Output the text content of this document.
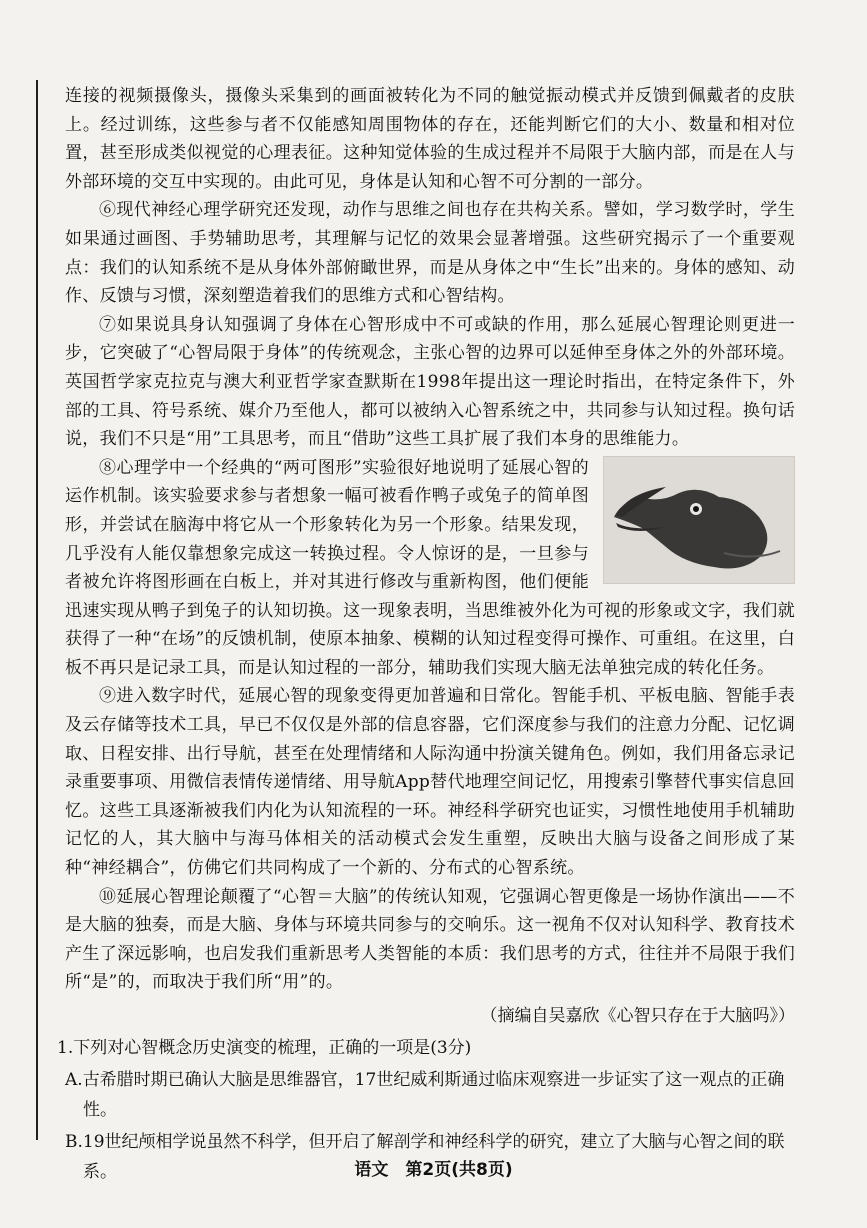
连接的视频摄像头，摄像头采集到的画面被转化为不同的触觉振动模式并反馈到佩戴者的皮肤上。经过训练，这些参与者不仅能感知周围物体的存在，还能判断它们的大小、数量和相对位置，甚至形成类似视觉的心理表征。这种知觉体验的生成过程并不局限于大脑内部，而是在人与外部环境的交互中实现的。由此可见，身体是认知和心智不可分割的一部分。

⑥现代神经心理学研究还发现，动作与思维之间也存在共构关系。譬如，学习数学时，学生如果通过画图、手势辅助思考，其理解与记忆的效果会显著增强。这些研究揭示了一个重要观点：我们的认知系统不是从身体外部俯瞰世界，而是从身体之中“生长”出来的。身体的感知、动作、反馈与习惯，深刻塑造着我们的思维方式和心智结构。

⑦如果说具身认知强调了身体在心智形成中不可或缺的作用，那么延展心智理论则更进一步，它突破了“心智局限于身体”的传统观念，主张心智的边界可以延伸至身体之外的外部环境。英国哲学家克拉克与澳大利亚哲学家查默斯在1998年提出这一理论时指出，在特定条件下，外部的工具、符号系统、媒介乃至他人，都可以被纳入心智系统之中，共同参与认知过程。换句话说，我们不只是“用”工具思考，而且“借助”这些工具扩展了我们本身的思维能力。

⑧心理学中一个经典的“两可图形”实验很好地说明了延展心智的运作机制。该实验要求参与者想象一幅可被看作鸭子或兔子的简单图形，并尝试在脑海中将它从一个形象转化为另一个形象。结果发现，几乎没有人能仅靠想象完成这一转换过程。令人惊讶的是，一旦参与者被允许将图形画在白板上，并对其进行修改与重新构图，他们便能迅速实现从鸭子到兔子的认知切换。这一现象表明，当思维被外化为可视的形象或文字，我们就获得了一种“在场”的反馈机制，使原本抽象、模糊的认知过程变得可操作、可重组。在这里，白板不再只是记录工具，而是认知过程的一部分，辅助我们实现大脑无法单独完成的转化任务。

⑨进入数字时代，延展心智的现象变得更加普遍和日常化。智能手机、平板电脑、智能手表及云存储等技术工具，早已不仅仅是外部的信息容器，它们深度参与我们的注意力分配、记忆调取、日程安排、出行导航，甚至在处理情绪和人际沟通中扮演关键角色。例如，我们用备忘录记录重要事项、用微信表情传递情绪、用导航App替代地理空间记忆，用搜索引擎替代事实信息回忆。这些工具逐渐被我们内化为认知流程的一环。神经科学研究也证实，习惯性地使用手机辅助记忆的人，其大脑中与海马体相关的活动模式会发生重塑，反映出大脑与设备之间形成了某种“神经耦合”，仿佛它们共同构成了一个新的、分布式的心智系统。

⑩延展心智理论颠覆了“心智＝大脑”的传统认知观，它强调心智更像是一场协作演出——不是大脑的独奏，而是大脑、身体与环境共同参与的交响乐。这一视角不仅对认知科学、教育技术产生了深远影响，也启发我们重新思考人类智能的本质：我们思考的方式，往往并不局限于我们所“是”的，而取决于我们所“用”的。

（摘编自吴嘉欣《心智只存在于大脑吗》）

1.下列对心智概念历史演变的梳理，正确的一项是(3分)

A.古希腊时期已确认大脑是思维器官，17世纪威利斯通过临床观察进一步证实了这一观点的正确性。

B.19世纪颅相学说虽然不科学，但开启了解剖学和神经科学的研究，建立了大脑与心智之间的联系。	语文　第2页(共8页)
